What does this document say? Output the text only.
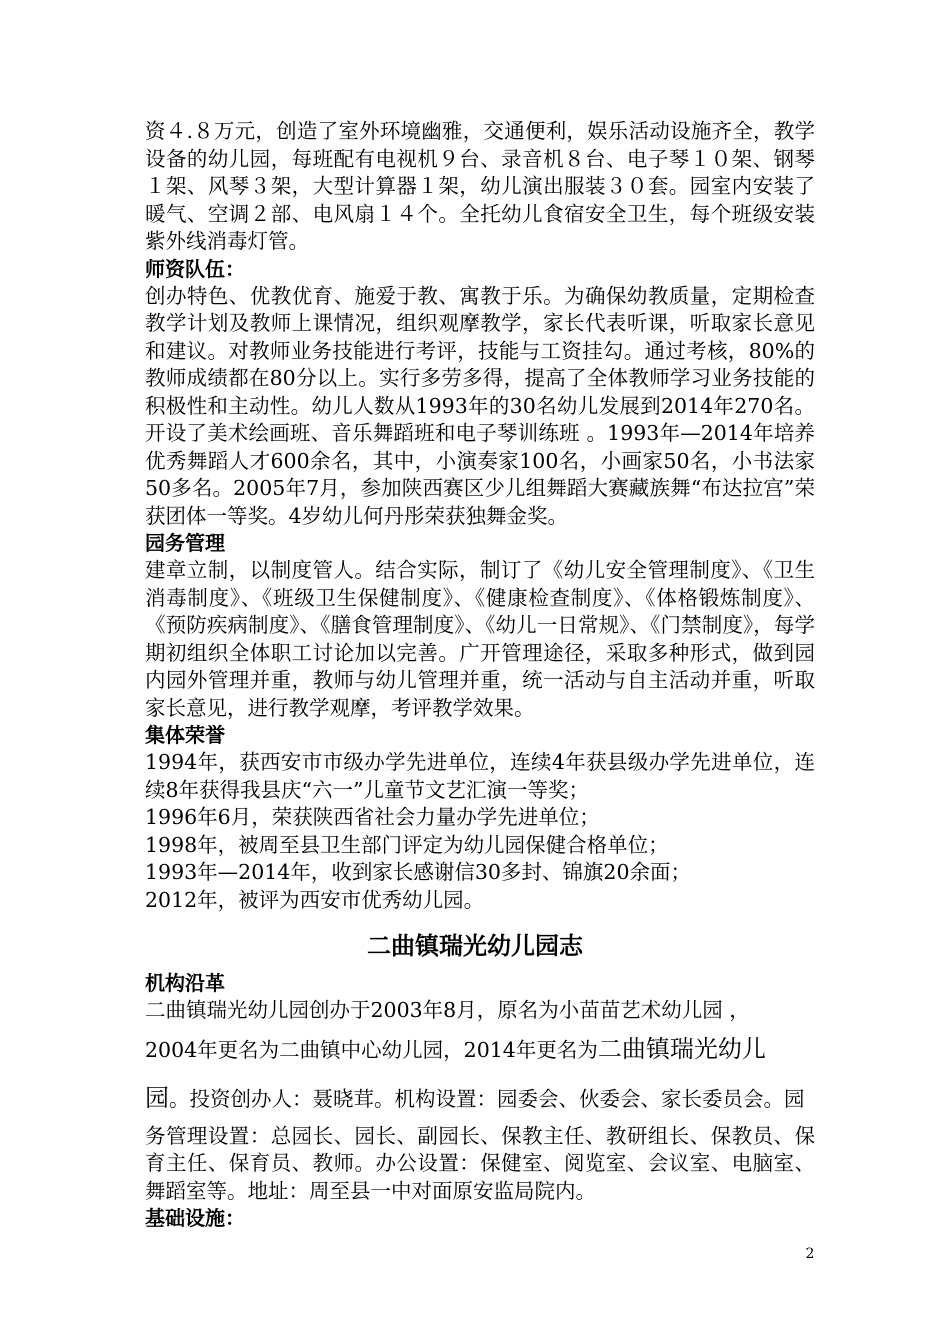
资４.８万元，创造了室外环境幽雅，交通便利，娱乐活动设施齐全，教学设备的幼儿园，每班配有电视机９台、录音机８台、电子琴１０架、钢琴１架、风琴３架，大型计算器１架，幼儿演出服装３０套。园室内安装了暖气、空调２部、电风扇１４个。全托幼儿食宿安全卫生，每个班级安装紫外线消毒灯管。

师资队伍：

创办特色、优教优育、施爱于教、寓教于乐。为确保幼教质量，定期检查教学计划及教师上课情况，组织观摩教学，家长代表听课，听取家长意见和建议。对教师业务技能进行考评，技能与工资挂勾。通过考核，80%的教师成绩都在80分以上。实行多劳多得，提高了全体教师学习业务技能的积极性和主动性。幼儿人数从1993年的30名幼儿发展到2014年270名。开设了美术绘画班、音乐舞蹈班和电子琴训练班 。1993年—2014年培养优秀舞蹈人才600余名，其中，小演奏家100名，小画家50名，小书法家50多名。2005年7月，参加陕西赛区少儿组舞蹈大赛藏族舞“布达拉宫”荣获团体一等奖。4岁幼儿何丹彤荣获独舞金奖。

园务管理

建章立制，以制度管人。结合实际，制订了《幼儿安全管理制度》、《卫生消毒制度》、《班级卫生保健制度》、《健康检查制度》、《体格锻炼制度》、《预防疾病制度》、《膳食管理制度》、《幼儿一日常规》、《门禁制度》，每学期初组织全体职工讨论加以完善。广开管理途径，采取多种形式，做到园内园外管理并重，教师与幼儿管理并重，统一活动与自主活动并重，听取家长意见，进行教学观摩，考评教学效果。

集体荣誉

1994年，获西安市市级办学先进单位，连续4年获县级办学先进单位，连续8年获得我县庆“六一”儿童节文艺汇演一等奖；

1996年6月，荣获陕西省社会力量办学先进单位；

1998年，被周至县卫生部门评定为幼儿园保健合格单位；

1993年—2014年，收到家长感谢信30多封、锦旗20余面；

2012年，被评为西安市优秀幼儿园。

二曲镇瑞光幼儿园志

机构沿革

二曲镇瑞光幼儿园创办于2003年8月，原名为小苗苗艺术幼儿园 ，

2004年更名为二曲镇中心幼儿园，2014年更名为二曲镇瑞光幼儿

园。投资创办人：聂晓茸。机构设置：园委会、伙委会、家长委员会。园

务管理设置：总园长、园长、副园长、保教主任、教研组长、保教员、保育主任、保育员、教师。办公设置：保健室、阅览室、会议室、电脑室、舞蹈室等。地址：周至县一中对面原安监局院内。

基础设施：

2
